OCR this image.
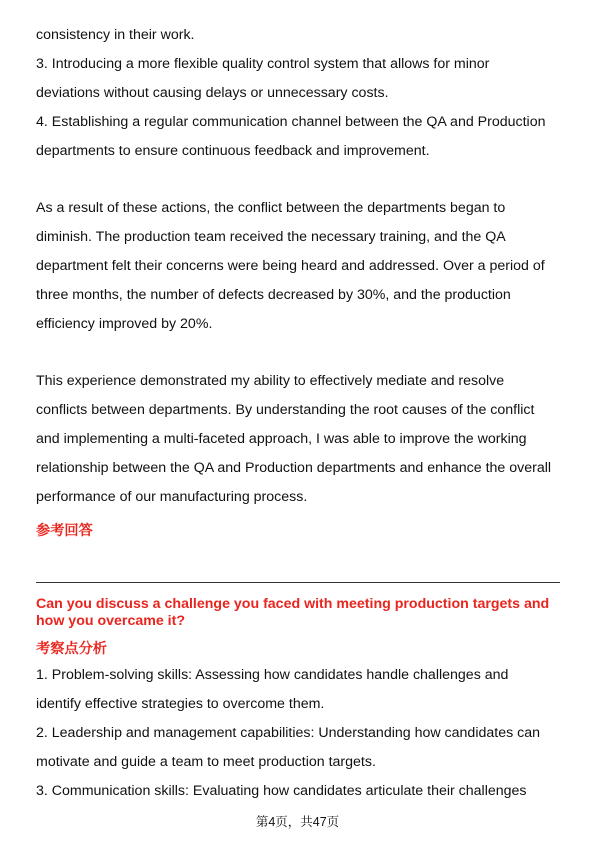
consistency in their work.
3. Introducing a more flexible quality control system that allows for minor
deviations without causing delays or unnecessary costs.
4. Establishing a regular communication channel between the QA and Production
departments to ensure continuous feedback and improvement.
As a result of these actions, the conflict between the departments began to
diminish. The production team received the necessary training, and the QA
department felt their concerns were being heard and addressed. Over a period of
three months, the number of defects decreased by 30%, and the production
efficiency improved by 20%.
This experience demonstrated my ability to effectively mediate and resolve
conflicts between departments. By understanding the root causes of the conflict
and implementing a multi-faceted approach, I was able to improve the working
relationship between the QA and Production departments and enhance the overall
performance of our manufacturing process.
参考回答
Can you discuss a challenge you faced with meeting production targets and
how you overcame it?
考察点分析
1. Problem-solving skills: Assessing how candidates handle challenges and
identify effective strategies to overcome them.
2. Leadership and management capabilities: Understanding how candidates can
motivate and guide a team to meet production targets.
3. Communication skills: Evaluating how candidates articulate their challenges
第4页，共47页
